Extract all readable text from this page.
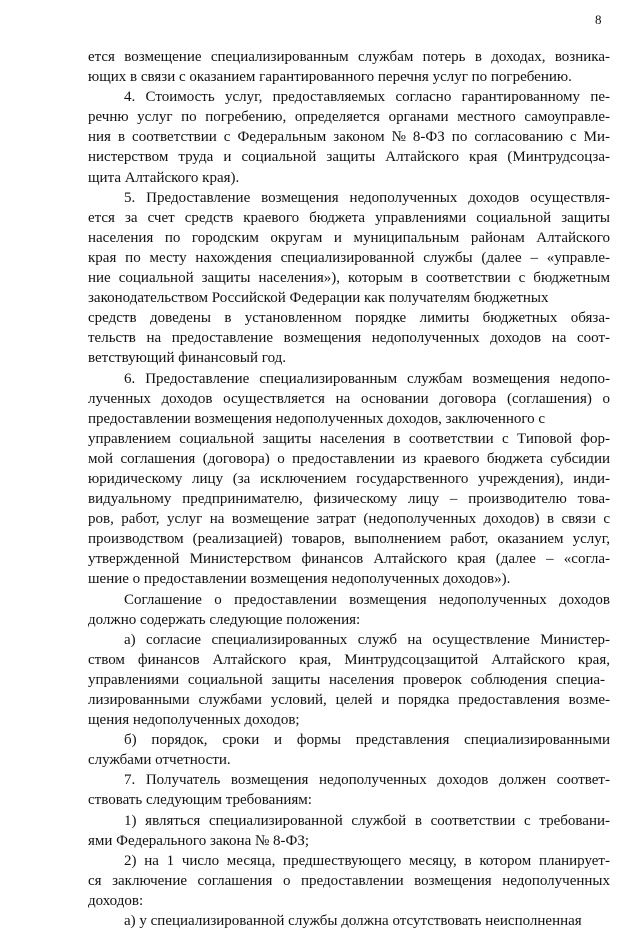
8
ется возмещение специализированным службам потерь в доходах, возника-
ющих в связи с оказанием гарантированного перечня услуг по погребению.
4. Стоимость услуг, предоставляемых согласно гарантированному пе-
речню услуг по погребению, определяется органами местного самоуправле-
ния в соответствии с Федеральным законом № 8-ФЗ по согласованию с Ми-
нистерством труда и социальной защиты Алтайского края (Минтрудсоцза-
щита Алтайского края).
5. Предоставление возмещения недополученных доходов осуществля-
ется за счет средств краевого бюджета управлениями социальной защиты
населения по городским округам и муниципальным районам Алтайского
края по месту нахождения специализированной службы (далее – «управле-
ние социальной защиты населения»), которым в соответствии с бюджетным
законодательством Российской Федерации как получателям бюджетных
средств доведены в установленном порядке лимиты бюджетных обяза-
тельств на предоставление возмещения недополученных доходов на соот-
ветствующий финансовый год.
6. Предоставление специализированным службам возмещения недопо-
лученных доходов осуществляется на основании договора (соглашения) о
предоставлении возмещения недополученных доходов, заключенного с
управлением социальной защиты населения в соответствии с Типовой фор-
мой соглашения (договора) о предоставлении из краевого бюджета субсидии
юридическому лицу (за исключением государственного учреждения), инди-
видуальному предпринимателю, физическому лицу – производителю това-
ров, работ, услуг на возмещение затрат (недополученных доходов) в связи с
производством (реализацией) товаров, выполнением работ, оказанием услуг,
утвержденной Министерством финансов Алтайского края (далее – «согла-
шение о предоставлении возмещения недополученных доходов»).
Соглашение о предоставлении возмещения недополученных доходов
должно содержать следующие положения:
а) согласие специализированных служб на осуществление Министер-
ством финансов Алтайского края, Минтрудсоцзащитой Алтайского края,
управлениями социальной защиты населения проверок соблюдения специа-
лизированными службами условий, целей и порядка предоставления возме-
щения недополученных доходов;
б) порядок, сроки и формы представления специализированными
службами отчетности.
7. Получатель возмещения недополученных доходов должен соответ-
ствовать следующим требованиям:
1) являться специализированной службой в соответствии с требовани-
ями Федерального закона № 8-ФЗ;
2) на 1 число месяца, предшествующего месяцу, в котором планирует-
ся заключение соглашения о предоставлении возмещения недополученных
доходов:
а) у специализированной службы должна отсутствовать неисполненная
